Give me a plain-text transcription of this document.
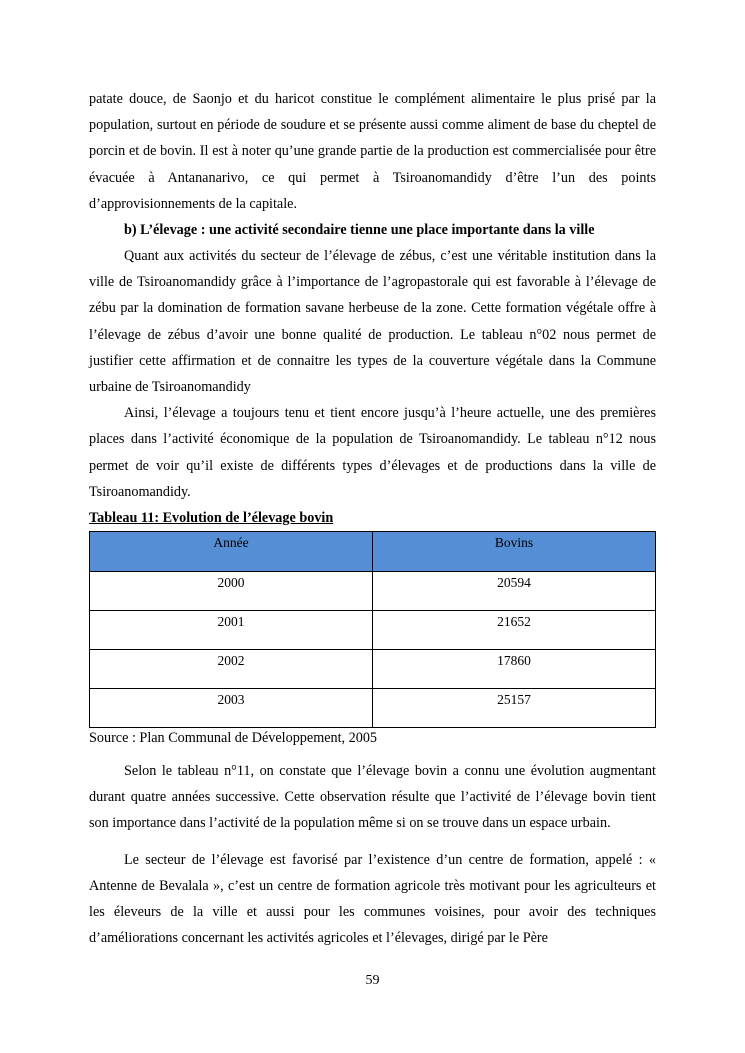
patate douce, de Saonjo et du haricot constitue le complément alimentaire le plus prisé par la population, surtout en période de soudure et se présente aussi comme aliment de base du cheptel de porcin et de bovin. Il est à noter qu’une grande partie de la production est commercialisée pour être évacuée à Antananarivo, ce qui permet à Tsiroanomandidy d’être l’un des points d’approvisionnements de la capitale.

b) L’élevage : une activité secondaire tienne une place importante dans la ville

Quant aux activités du secteur de l’élevage de zébus, c’est une véritable institution dans la ville de Tsiroanomandidy grâce à l’importance de l’agropastorale qui est favorable à l’élevage de zébu par la domination de formation savane herbeuse de la zone. Cette formation végétale offre à l’élevage de zébus d’avoir une bonne qualité de production. Le tableau n°02 nous permet de justifier cette affirmation et de connaitre les types de la couverture végétale dans la Commune urbaine de Tsiroanomandidy

Ainsi, l’élevage a toujours tenu et tient encore jusqu’à l’heure actuelle, une des premières places dans l’activité économique de la population de Tsiroanomandidy. Le tableau n°12 nous permet de voir qu’il existe de différents types d’élevages et de productions dans la ville de Tsiroanomandidy.

Tableau 11: Evolution de l’élevage bovin
Année	Bovins
2000	20594
2001	21652
2002	17860
2003	25157
Source : Plan Communal de Développement, 2005

Selon le tableau n°11, on constate que l’élevage bovin a connu une évolution augmentant durant quatre années successive. Cette observation résulte que l’activité de l’élevage bovin tient son importance dans l’activité de la population même si on se trouve dans un espace urbain.

Le secteur de l’élevage est favorisé par l’existence d’un centre de formation, appelé : « Antenne de Bevalala », c’est un centre de formation agricole très motivant pour les agriculteurs et les éleveurs de la ville et aussi pour les communes voisines, pour avoir des techniques d’améliorations concernant les activités agricoles et l’élevages, dirigé par le Père

59
